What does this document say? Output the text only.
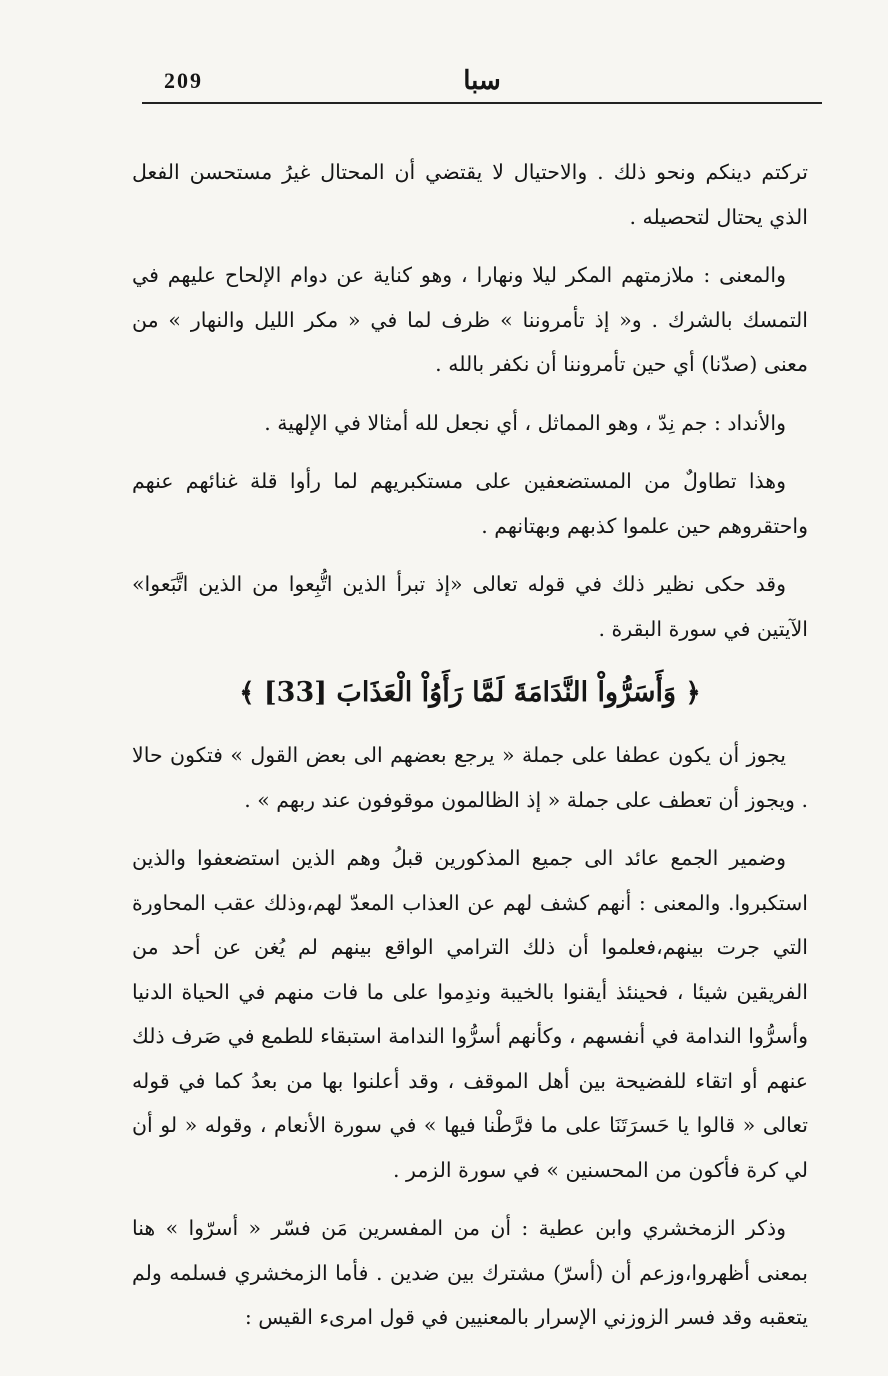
209	سبا

تركتم دينكم ونحو ذلك . والاحتيال لا يقتضي أن المحتال غيرُ مستحسن الفعل الذي يحتال لتحصيله .

والمعنى : ملازمتهم المكر ليلا ونهارا ، وهو كناية عن دوام الإلحاح عليهم في التمسك بالشرك . و« إذ تأمروننا » ظرف لما في « مكر الليل والنهار » من معنى (صدّنا) أي حين تأمروننا أن نكفر بالله .

والأنداد : جم نِدّ ، وهو المماثل ، أي نجعل لله أمثالا في الإلهية .

وهذا تطاولٌ من المستضعفين على مستكبريهم لما رأوا قلة غنائهم عنهم واحتقروهم حين علموا كذبهم وبهتانهم .

وقد حكى نظير ذلك في قوله تعالى «إذ تبرأ الذين اتُّبِعوا من الذين اتَّبَعوا» الآيتين في سورة البقرة .

﴿ وَأَسَرُّواْ النَّدَامَةَ لَمَّا رَأَوُاْ الْعَذَابَ [33] ﴾

يجوز أن يكون عطفا على جملة « يرجع بعضهم الى بعض القول » فتكون حالا . ويجوز أن تعطف على جملة « إذ الظالمون موقوفون عند ربهم » .

وضمير الجمع عائد الى جميع المذكورين قبلُ وهم الذين استضعفوا والذين استكبروا. والمعنى : أنهم كشف لهم عن العذاب المعدّ لهم،وذلك عقب المحاورة التي جرت بينهم،فعلموا أن ذلك الترامي الواقع بينهم لم يُغن عن أحد من الفريقين شيئا ، فحينئذ أيقنوا بالخيبة وندِموا على ما فات منهم في الحياة الدنيا وأسرُّوا الندامة في أنفسهم ، وكأنهم أسرُّوا الندامة استبقاء للطمع في صَرف ذلك عنهم أو اتقاء للفضيحة بين أهل الموقف ، وقد أعلنوا بها من بعدُ كما في قوله تعالى « قالوا يا حَسرَتَنَا على ما فرَّطْنا فيها » في سورة الأنعام ، وقوله « لو أن لي كرة فأكون من المحسنين » في سورة الزمر .

وذكر الزمخشري وابن عطية : أن من المفسرين مَن فسّر « أسرّوا » هنا بمعنى أظهروا،وزعم أن (أسرّ) مشترك بين ضدين . فأما الزمخشري فسلمه ولم يتعقبه وقد فسر الزوزني الإسرار بالمعنيين في قول امرىء القيس :
